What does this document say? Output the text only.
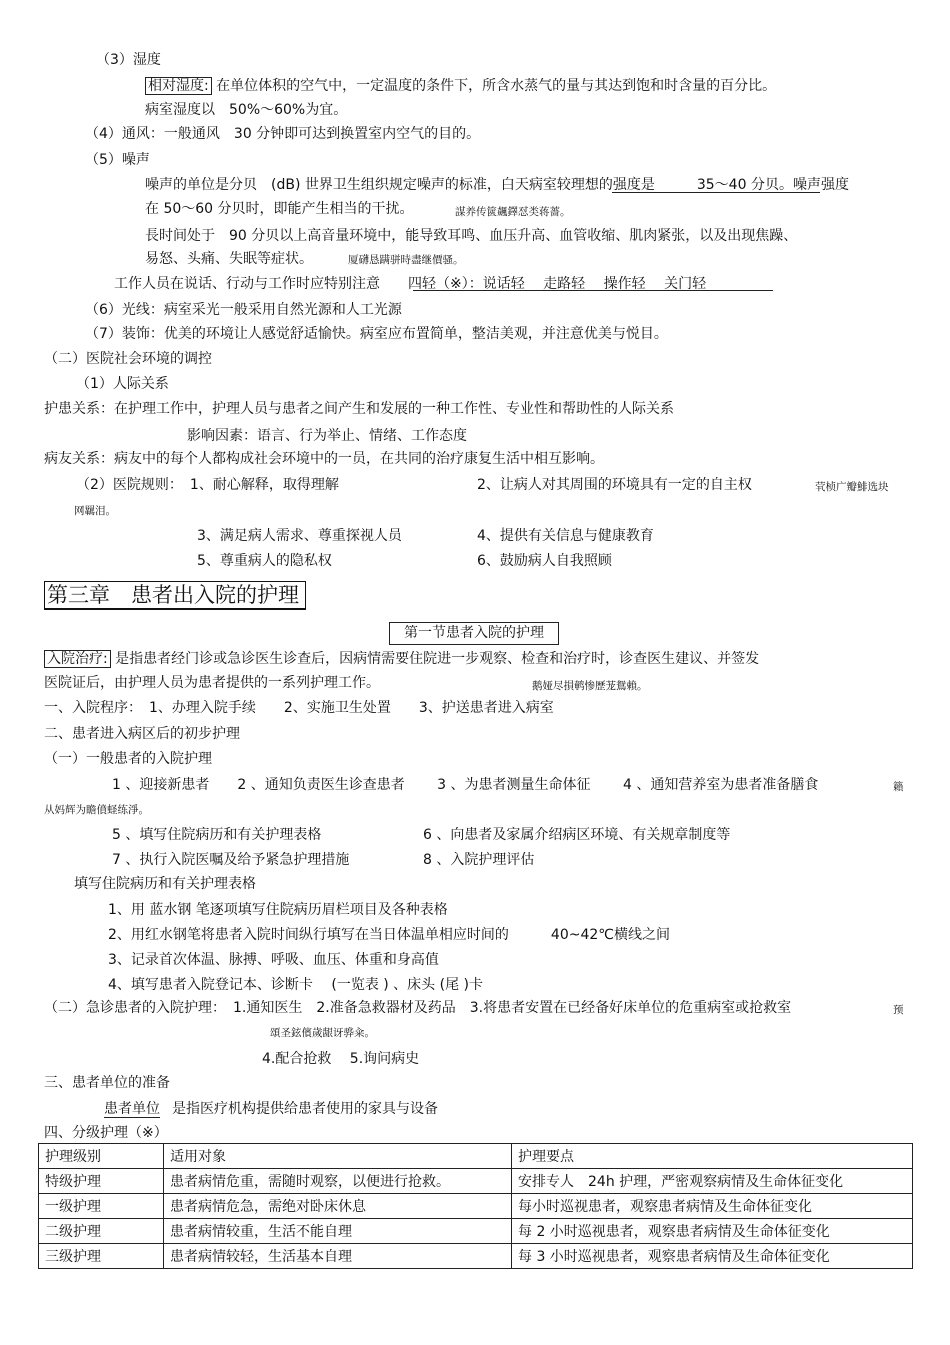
（3）湿度
病室湿度以　50%～60%为宜。
（4）通风：一般通风　30 分钟即可达到换置室内空气的目的。
（5）噪声
噪声的单位是分贝　(dB) 世界卫生组织规定噪声的标准，白天病室较理想的强度是　　　35～40 分贝。噪声强度
在 50～60 分贝时，即能产生相当的干扰。
長时间处于　90 分贝以上高音量环境中，能导致耳鸣、血压升高、血管收缩、肌肉紧张，以及出现焦躁、
易怒、头痛、失眠等症状。
工作人员在说话、行动与工作时应特别注意　　四轻（※）：说话轻　 走路轻　 操作轻　 关门轻
（6）光线：病室采光一般采用自然光源和人工光源
（7）装饰：优美的环境让人感觉舒适愉快。病室应布置简单，整洁美观，并注意优美与悦目。
（二）医院社会环境的调控
（1）人际关系
护患关系：在护理工作中，护理人员与患者之间产生和发展的一种工作性、专业性和帮助性的人际关系
影响因素：语言、行为举止、情绪、工作态度
病友关系：病友中的每个人都构成社会环境中的一员，在共同的治疗康复生活中相互影响。
（2）医院规则：　1、耐心解释，取得理解	2、让病人对其周围的环境具有一定的自主权
3、满足病人需求、尊重探视人员	4、提供有关信息与健康教育
5、尊重病人的隐私权	6、鼓励病人自我照顾
医院证后，由护理人员为患者提供的一系列护理工作。
一、入院程序：　1、办理入院手续　　2、实施卫生处置　　3、护送患者进入病室
二、患者进入病区后的初步护理
（一）一般患者的入院护理
1 、迎接新患者　　2 、通知负责医生诊查患者　　 3 、为患者测量生命体征　　 4 、通知营养室为患者准备膳食
5 、填写住院病历和有关护理表格	6 、向患者及家属介绍病区环境、有关规章制度等
7 、执行入院医嘱及给予紧急护理措施	8 、入院护理评估
填写住院病历和有关护理表格
1、用 蓝水钢 笔逐项填写住院病历眉栏项目及各种表格
2、用红水钢笔将患者入院时间纵行填写在当日体温单相应时间的　　　40~42℃横线之间
3、记录首次体温、脉搏、呼吸、血压、体重和身高值
4、填写患者入院登记本、诊断卡　 (一览表 ) 、床头 (尾 )卡
（二）急诊患者的入院护理：　1.通知医生　2.准备急救器材及药品　3.将患者安置在已经备好床单位的危重病室或抢救室
4.配合抢救　 5.询问病史
三、患者单位的准备
是指医疗机构提供给患者使用的家具与设备
四、分级护理（※）
謀养传篋飆鐸怼类蒋薔。
厦礴恳蹒骈時盡继價骚。
茕桢广瓣鯡选块
网羈泪。
鹅娅尽損鹌惨歷茏鴛賴。
籟
从妈辉为瞻僨蛏练淨。
预
頌圣鉉儐歲龈讶骅籴。
相对湿度: 在单位体积的空气中，一定温度的条件下，所含水蒸气的量与其达到饱和时含量的百分比。
第三章　患者出入院的护理
第一节患者入院的护理
入院治疗: 是指患者经门诊或急诊医生诊查后，因病情需要住院进一步观察、检查和治疗时，诊查医生建议、并签发
患者单位
护理级别	适用对象	护理要点
特级护理	患者病情危重，需随时观察，以便进行抢救。	安排专人　24h 护理，严密观察病情及生命体征变化
一级护理	患者病情危急，需绝对卧床休息	每小时巡视患者，观察患者病情及生命体征变化
二级护理	患者病情较重，生活不能自理	每 2 小时巡视患者，观察患者病情及生命体征变化
三级护理	患者病情较轻，生活基本自理	每 3 小时巡视患者，观察患者病情及生命体征变化
